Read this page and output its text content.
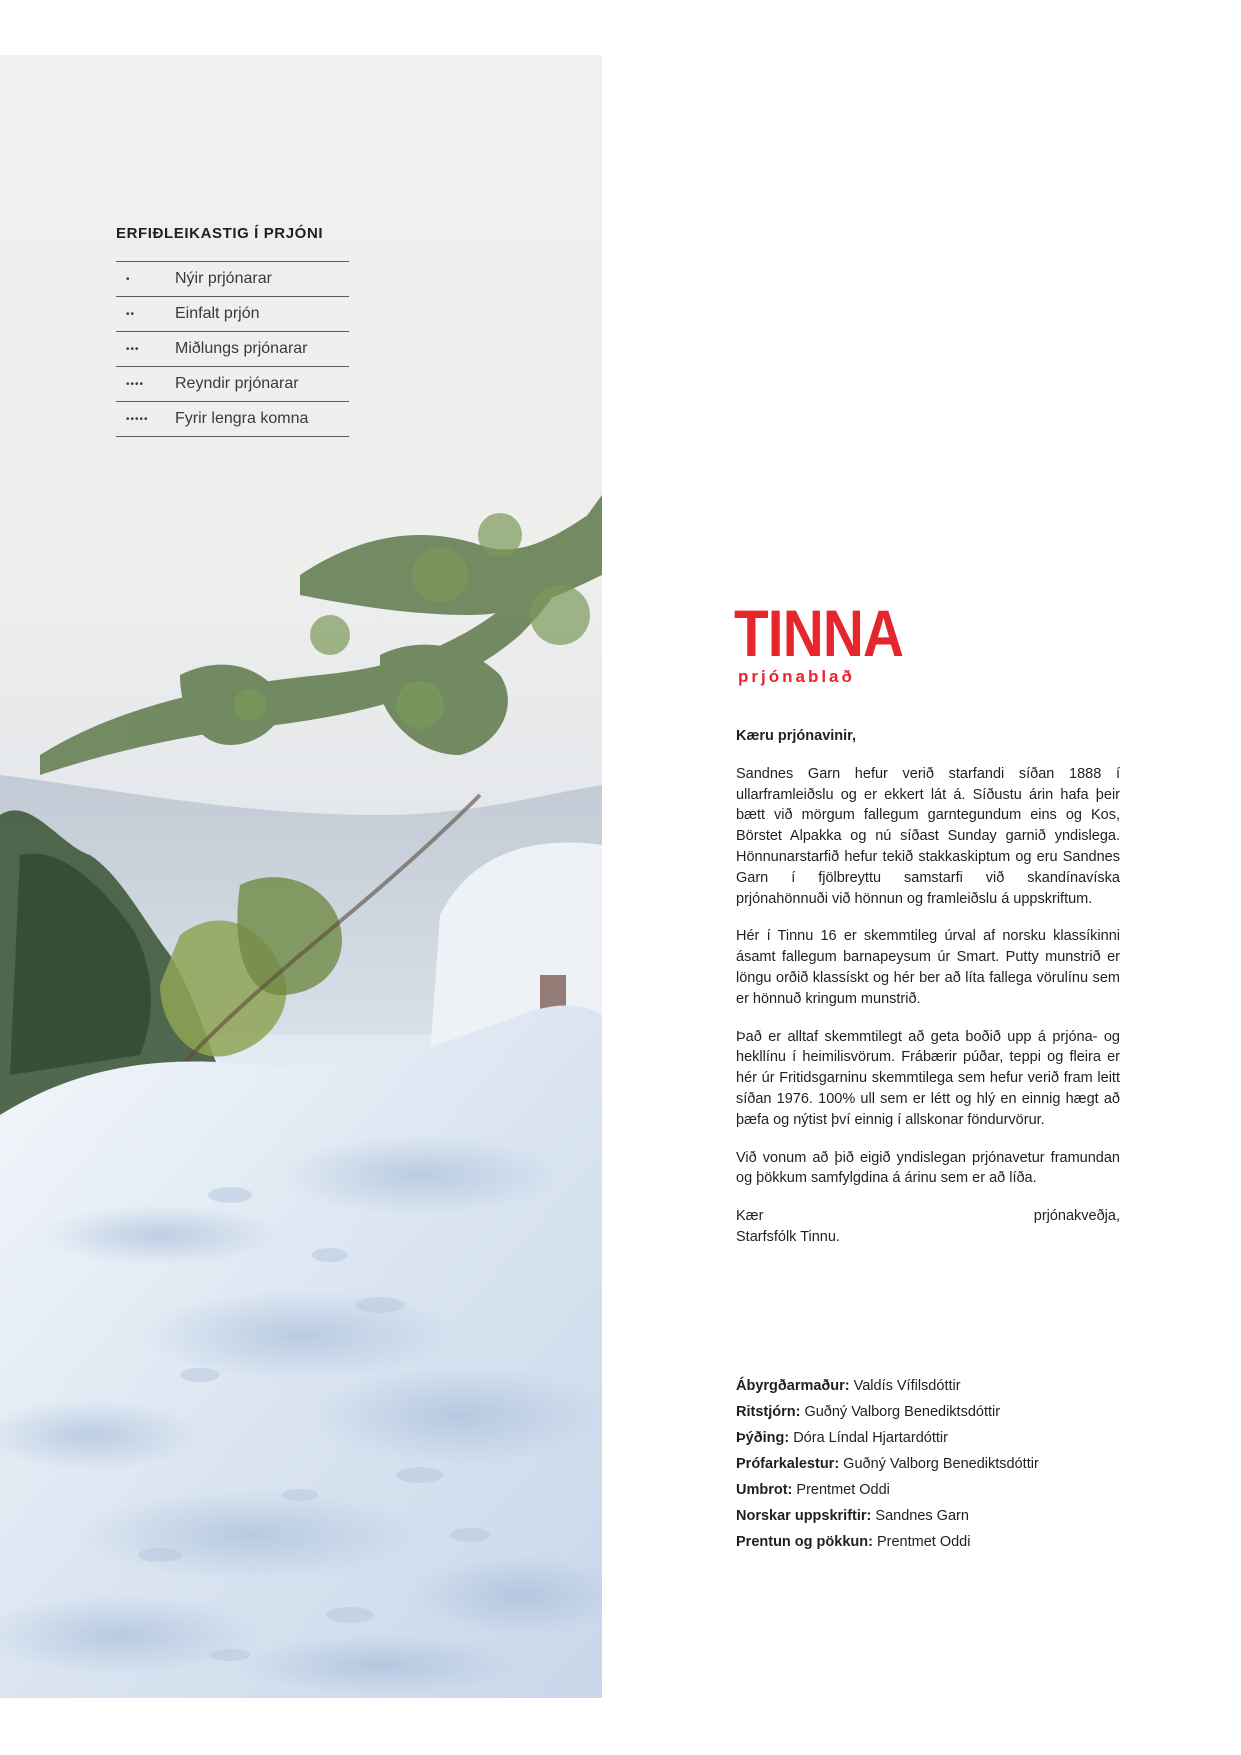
ERFIÐLEIKASTIG Í PRJÓNI
•	Nýir prjónarar
••	Einfalt prjón
•••	Miðlungs prjónarar
••••	Reyndir prjónarar
•••••	Fyrir lengra komna
TINNA
prjónablað

Kæru prjónavinir,

Sandnes Garn hefur verið starfandi síðan 1888 í ullarframleiðslu og er ekkert lát á. Síðustu árin hafa þeir bætt við mörgum fallegum garntegundum eins og Kos, Börstet Alpakka og nú síðast Sunday garnið yndislega. Hönnunarstarfið hefur tekið stakkaskiptum og eru Sandnes Garn í fjölbreyttu samstarfi við skandínavíska prjónahönnuði við hönnun og framleiðslu á uppskriftum.

Hér í Tinnu 16 er skemmtileg úrval af norsku klassíkinni ásamt fallegum barnapeysum úr Smart. Putty munstrið er löngu orðið klassískt og hér ber að líta fallega vörulínu sem er hönnuð kringum munstrið.

Það er alltaf skemmtilegt að geta boðið upp á prjóna- og hekllínu í heimilisvörum. Frábærir púðar, teppi og fleira er hér úr Fritidsgarninu skemmtilega sem hefur verið fram leitt síðan 1976. 100% ull sem er létt og hlý en einnig hægt að þæfa og nýtist því einnig í allskonar föndurvörur.

Við vonum að þið eigið yndislegan prjónavetur framundan og þökkum samfylgdina á árinu sem er að líða.

Kær	prjónakveðja,

Starfsfólk Tinnu.

Ábyrgðarmaður: Valdís Vífilsdóttir
Ritstjórn: Guðný Valborg Benediktsdóttir
Þýðing: Dóra Líndal Hjartardóttir
Prófarkalestur: Guðný Valborg Benediktsdóttir
Umbrot: Prentmet Oddi
Norskar uppskriftir: Sandnes Garn
Prentun og pökkun: Prentmet Oddi
